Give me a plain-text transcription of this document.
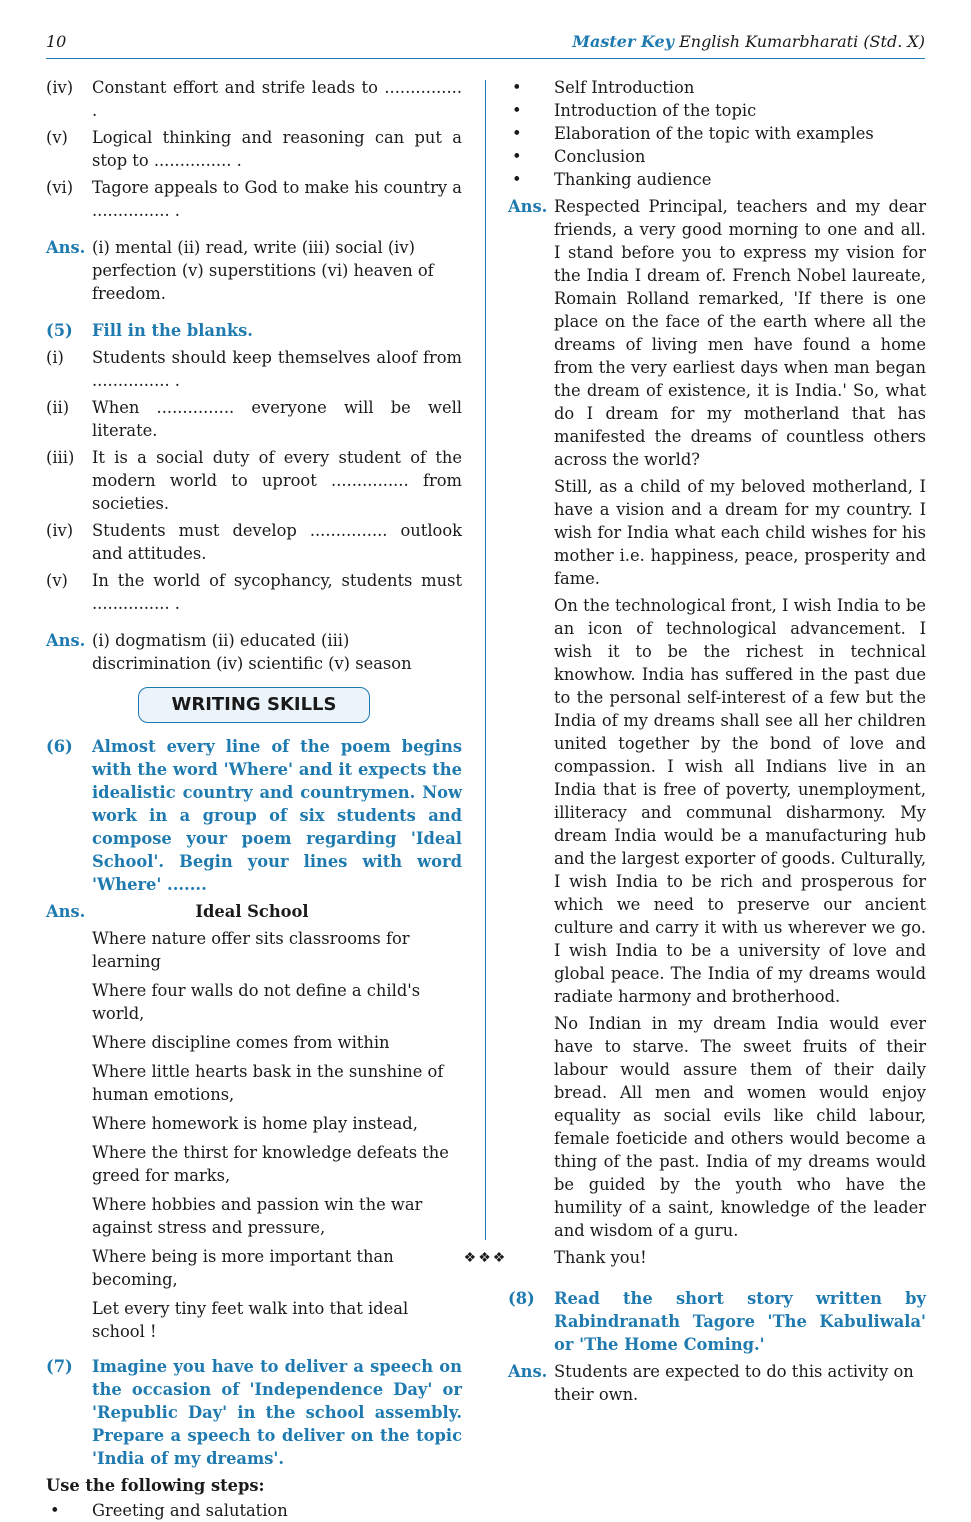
10	Master Key English Kumarbharati (Std. X)
(iv)	Constant effort and strife leads to ............... .
(v)	Logical thinking and reasoning can put a stop to ............... .
(vi)	Tagore appeals to God to make his country a ............... .
Ans. (i) mental (ii) read, write (iii) social (iv) perfection (v) superstitions (vi) heaven of freedom.
(5)	Fill in the blanks.
(i)	Students should keep themselves aloof from ............... .
(ii)	When ............... everyone will be well literate.
(iii)	It is a social duty of every student of the modern world to uproot ............... from societies.
(iv)	Students must develop ............... outlook and attitudes.
(v)	In the world of sycophancy, students must ............... .
Ans. (i) dogmatism (ii) educated (iii) discrimination (iv) scientific (v) season
WRITING SKILLS
(6)	Almost every line of the poem begins with the word 'Where' and it expects the idealistic country and countrymen. Now work in a group of six students and compose your poem regarding 'Ideal School'. Begin your lines with word 'Where' .......
Ans.	Ideal School
Where nature offer sits classrooms for learning
Where four walls do not define a child's world,
Where discipline comes from within
Where little hearts bask in the sunshine of human emotions,
Where homework is home play instead,
Where the thirst for knowledge defeats the greed for marks,
Where hobbies and passion win the war against stress and pressure,
Where being is more important than becoming,
Let every tiny feet walk into that ideal school !
(7)	Imagine you have to deliver a speech on the occasion of 'Independence Day' or 'Republic Day' in the school assembly. Prepare a speech to deliver on the topic 'India of my dreams'.
Use the following steps:
•	Greeting and salutation
•	Self Introduction
•	Introduction of the topic
•	Elaboration of the topic with examples
•	Conclusion
•	Thanking audience
Ans. Respected Principal, teachers and my dear friends, a very good morning to one and all. I stand before you to express my vision for the India I dream of. French Nobel laureate, Romain Rolland remarked, 'If there is one place on the face of the earth where all the dreams of living men have found a home from the very earliest days when man began the dream of existence, it is India.' So, what do I dream for my motherland that has manifested the dreams of countless others across the world?
Still, as a child of my beloved motherland, I have a vision and a dream for my country. I wish for India what each child wishes for his mother i.e. happiness, peace, prosperity and fame.
On the technological front, I wish India to be an icon of technological advancement. I wish it to be the richest in technical knowhow. India has suffered in the past due to the personal self-interest of a few but the India of my dreams shall see all her children united together by the bond of love and compassion. I wish all Indians live in an India that is free of poverty, unemployment, illiteracy and communal disharmony. My dream India would be a manufacturing hub and the largest exporter of goods. Culturally, I wish India to be rich and prosperous for which we need to preserve our ancient culture and carry it with us wherever we go. I wish India to be a university of love and global peace. The India of my dreams would radiate harmony and brotherhood.
No Indian in my dream India would ever have to starve. The sweet fruits of their labour would assure them of their daily bread. All men and women would enjoy equality as social evils like child labour, female foeticide and others would become a thing of the past. India of my dreams would be guided by the youth who have the humility of a saint, knowledge of the leader and wisdom of a guru.
Thank you!
(8)	Read the short story written by Rabindranath Tagore 'The Kabuliwala' or 'The Home Coming.'
Ans. Students are expected to do this activity on their own.
❖❖❖
